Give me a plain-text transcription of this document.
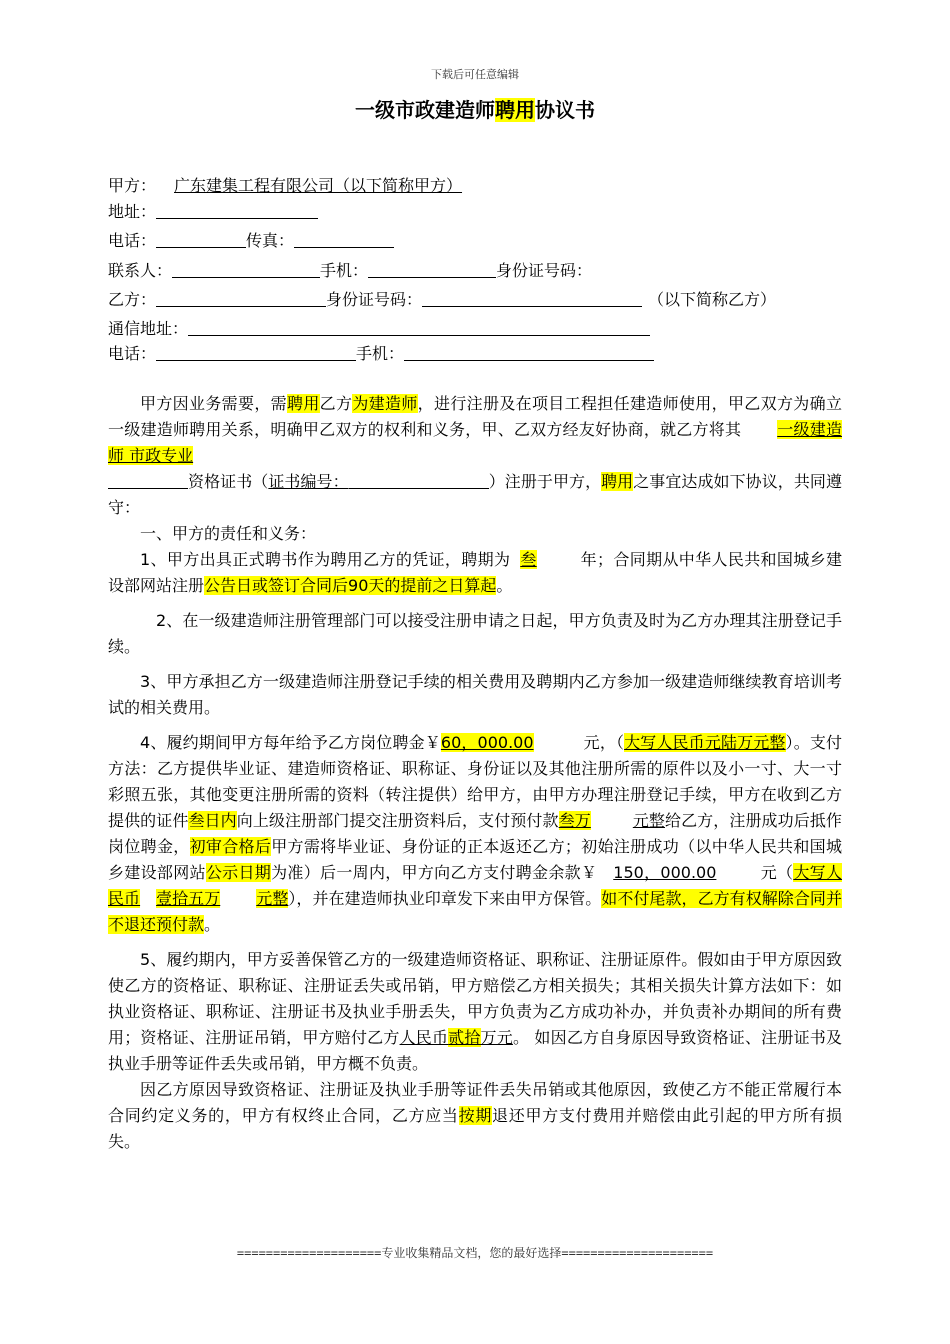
下载后可任意编辑
一级市政建造师聘用协议书
甲方： 广东建集工程有限公司（以下简称甲方）
地址：
电话：	传真：
联系人：	手机：	身份证号码：
乙方：	身份证号码：	（以下简称乙方）
通信地址：
电话：	手机：

甲方因业务需要，需聘用乙方为建造师，进行注册及在项目工程担任建造师使用，甲乙双方为确立一级建造师聘用关系，明确甲乙双方的权利和义务，甲、乙双方经友好协商，就乙方将其 一级建造师 市政专业
资格证书（证书编号：	）注册于甲方，聘用之事宜达成如下协议，共同遵守：

一、甲方的责任和义务：

1、甲方出具正式聘书作为聘用乙方的凭证，聘期为 叁	年；合同期从中华人民共和国城乡建设部网站注册公告日或签订合同后90天的提前之日算起。

2、在一级建造师注册管理部门可以接受注册申请之日起，甲方负责及时为乙方办理其注册登记手续。

3、甲方承担乙方一级建造师注册登记手续的相关费用及聘期内乙方参加一级建造师继续教育培训考试的相关费用。

4、履约期间甲方每年给予乙方岗位聘金￥60，000.00	元，（大写人民币元陆万元整）。支付方法：乙方提供毕业证、建造师资格证、职称证、身份证以及其他注册所需的原件以及小一寸、大一寸彩照五张，其他变更注册所需的资料（转注提供）给甲方，由甲方办理注册登记手续，甲方在收到乙方提供的证件叁日内向上级注册部门提交注册资料后，支付预付款叁万	元整给乙方，注册成功后抵作岗位聘金，初审合格后甲方需将毕业证、身份证的正本返还乙方；初始注册成功（以中华人民共和国城乡建设部网站公示日期为准）后一周内，甲方向乙方支付聘金余款￥ 150，000.00	元（大写人民币 壹拾五万 元整），并在建造师执业印章发下来由甲方保管。如不付尾款，乙方有权解除合同并不退还预付款。

5、履约期内，甲方妥善保管乙方的一级建造师资格证、职称证、注册证原件。假如由于甲方原因致使乙方的资格证、职称证、注册证丢失或吊销，甲方赔偿乙方相关损失；其相关损失计算方法如下：如执业资格证、职称证、注册证书及执业手册丢失，甲方负责为乙方成功补办，并负责补办期间的所有费用；资格证、注册证吊销，甲方赔付乙方人民币贰拾万元。 如因乙方自身原因导致资格证、注册证书及执业手册等证件丢失或吊销，甲方概不负责。

因乙方原因导致资格证、注册证及执业手册等证件丢失吊销或其他原因，致使乙方不能正常履行本合同约定义务的，甲方有权终止合同，乙方应当按期退还甲方支付费用并赔偿由此引起的甲方所有损失。

====================专业收集精品文档，您的最好选择=====================
